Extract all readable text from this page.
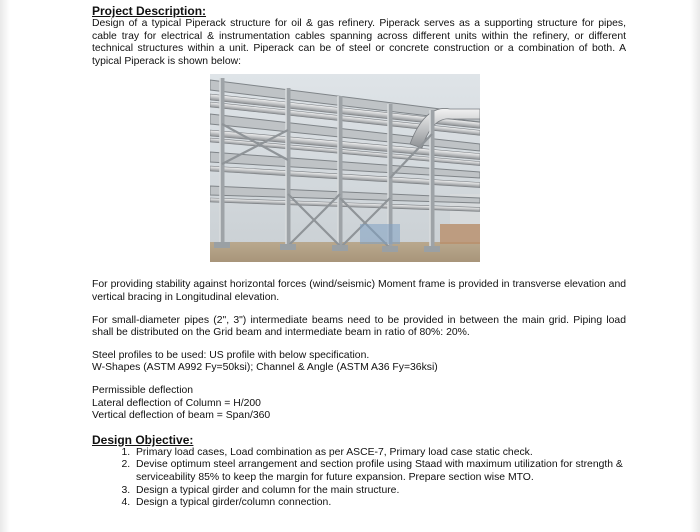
Project Description:

Design of a typical Piperack structure for oil & gas refinery. Piperack serves as a supporting structure for pipes, cable tray for electrical & instrumentation cables spanning across different units within the refinery, or different technical structures within a unit. Piperack can be of steel or concrete construction or a combination of both. A typical Piperack is shown below:

For providing stability against horizontal forces (wind/seismic) Moment frame is provided in transverse elevation and vertical bracing in Longitudinal elevation.

For small-diameter pipes (2", 3") intermediate beams need to be provided in between the main grid. Piping load shall be distributed on the Grid beam and intermediate beam in ratio of 80%: 20%.

Steel profiles to be used: US profile with below specification.

W-Shapes (ASTM A992 Fy=50ksi); Channel & Angle (ASTM A36 Fy=36ksi)

Permissible deflection

Lateral deflection of Column = H/200

Vertical deflection of beam = Span/360

Design Objective:

1. Primary load cases, Load combination as per ASCE-7, Primary load case static check.
2. Devise optimum steel arrangement and section profile using Staad with maximum utilization for strength & serviceability 85% to keep the margin for future expansion. Prepare section wise MTO.
3. Design a typical girder and column for the main structure.
4. Design a typical girder/column connection.
